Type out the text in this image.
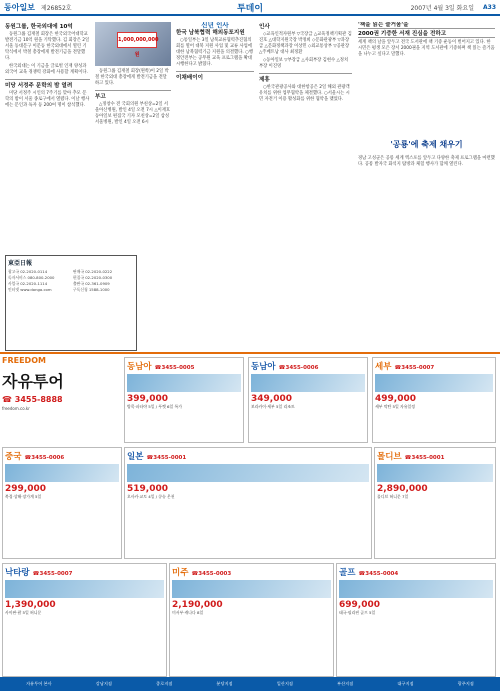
동아일보 제26852호	투데이	2007년 4월 3일 화요일 A33
동원그룹, 한국외대에 10억

동원그룹 김재철 회장은 한국외국어대학교 발전기금 10억 원을 기탁했다. 김 회장은 2일 서울 동대문구 이문동 한국외대에서 열린 기탁식에서 박철 총장에게 발전기금을 전달했다.

한국외대는 이 기금을 글로벌 인재 양성과 외국어 교육 경쟁력 강화에 사용할 계획이다.

미당 서정주 문학의 밤 열려

미당 서정주 시인의 7주기를 맞아 추모 문학의 밤이 서울 종로구에서 열렸다. 이날 행사에는 문인과 독자 등 200여 명이 참석했다.

1,000,000,000원

동원그룹 김재철 회장(왼쪽)이 2일 박철 한국외대 총장에게 발전기금을 전달하고 있다.

부고

△정창수 전 국회의원 부친상=2일 서울아산병원, 발인 4일 오전 7시 △이재호 동아일보 편집국 기자 모친상=2일 삼성서울병원, 발인 4일 오전 6시

신년 인사
한국 남북협력 해외동포지원

○통일부는 3일 남북교류협력추진협의회를 열어 대북 지원 사업 및 교류 사업에 대한 남북협력기금 지원을 의결했다. ○행정안전부는 공무원 교육 프로그램을 확대 시행한다고 밝혔다.

이채배이이
인사

◇교육인적자원부 ▽국장급 △교육정책기획관 김진호 △대학지원국장 박정희 ◇문화관광부 ▽과장급 △문화정책과장 이상민 ◇외교통상부 ▽공관장 △주베트남 대사 최정환

◇동아일보 ▽부장급 △사회부장 김현수 △정치부장 이진영

제휴

○한국관광공사와 대한항공은 2일 해외 관광객 유치를 위한 업무협약을 체결했다. ○서울시는 시민 자전거 이용 활성화를 위한 협약을 맺었다.

'책을 읽는 즐거움'을
2000권 기증한 서재 진심을 전하고

세계 책의 날을 앞두고 전국 도서관에 책 기증 운동이 벌어지고 있다. 한 시민은 평생 모은 장서 2000권을 지역 도서관에 기증하며 책 읽는 즐거움을 나누고 싶다고 말했다.

'공룡'에 축제 채우기

경남 고성군은 공룡 세계 엑스포를 앞두고 다양한 축제 프로그램을 마련했다. 공룡 발자국 화석지 탐방과 체험 행사가 함께 열린다.

東亞日報
광고국 02-2020-0114	판매국 02-2020-0222
독자서비스 080-800-2000	편집국 02-2020-0300
사업국 02-2020-1114	출판국 02-361-0909
인터넷 www.donga.com	구독신청 1588-1000
FREEDOM
자유투어
☎ 3455-8888
freedom.co.kr
동남아 ☎3455-0005
399,000
방콕·파타야 5일 / 푸껫 6일 특가
동남아 ☎3455-0006
349,000
보라카이·세부 5일 리조트
세부 ☎3455-0007
499,000
세부 막탄 5일 자유일정
중국 ☎3455-0006
299,000
북경·상해·장가계 5일
일본 ☎3455-0001
519,000
오사카·교토 4일 / 큐슈 온천
몰디브 ☎3455-0001
2,890,000
몰디브 허니문 7일
낙타랑 ☎3455-0007
1,390,000
사이판·괌 5일 허니문
미주 ☎3455-0003
2,190,000
미서부·캐나다 8일
골프 ☎3455-0004
699,000
태국·필리핀 골프 5일
자유투어 본사	강남지점	종로지점	분당지점	일산지점	부산지점	대구지점	광주지점
